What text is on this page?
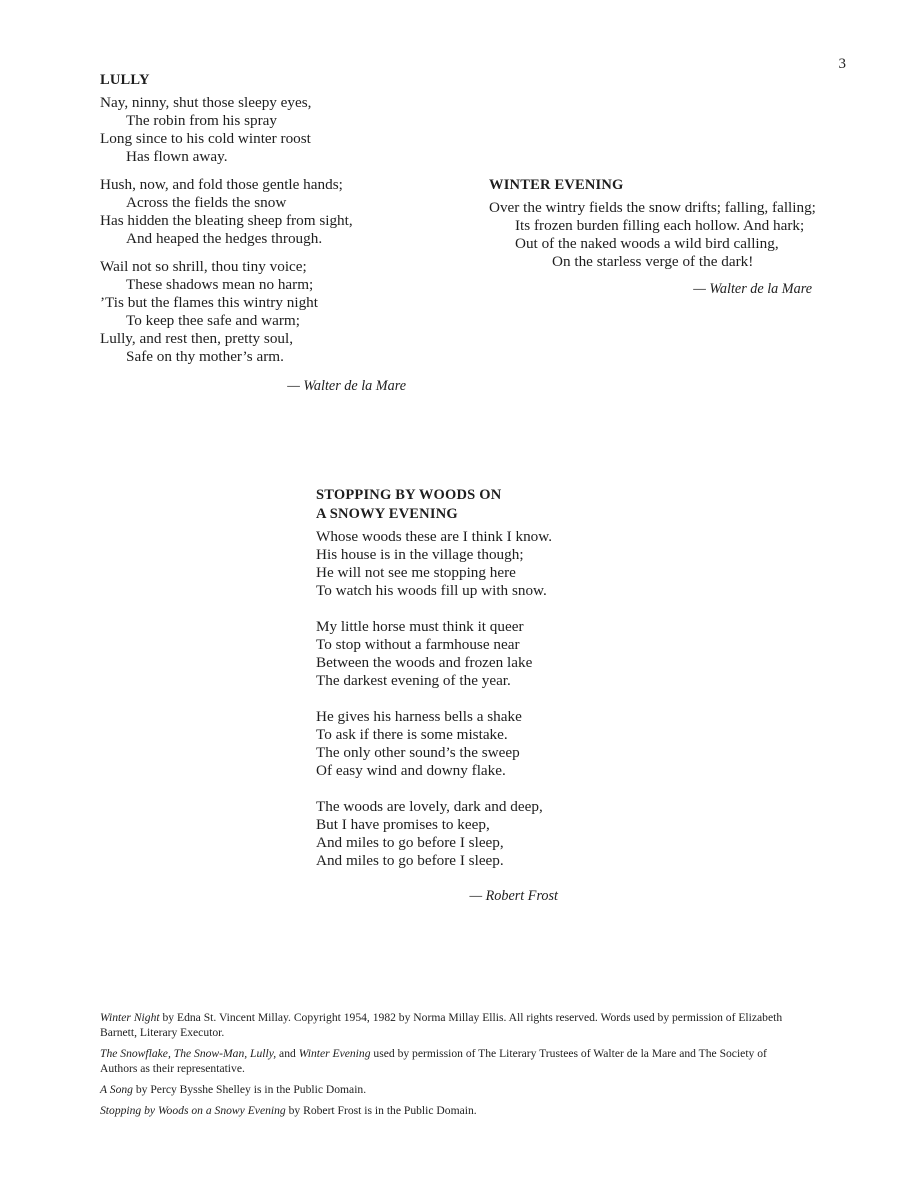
3
LULLY
Nay, ninny, shut those sleepy eyes,
The robin from his spray
Long since to his cold winter roost
Has flown away.
Hush, now, and fold those gentle hands;
Across the fields the snow
Has hidden the bleating sheep from sight,
And heaped the hedges through.
Wail not so shrill, thou tiny voice;
These shadows mean no harm;
’Tis but the flames this wintry night
To keep thee safe and warm;
Lully, and rest then, pretty soul,
Safe on thy mother’s arm.
— Walter de la Mare
WINTER EVENING
Over the wintry fields the snow drifts; falling, falling;
Its frozen burden filling each hollow. And hark;
Out of the naked woods a wild bird calling,
On the starless verge of the dark!
— Walter de la Mare
STOPPING BY WOODS ON
A SNOWY EVENING
Whose woods these are I think I know.
His house is in the village though;
He will not see me stopping here
To watch his woods fill up with snow.
My little horse must think it queer
To stop without a farmhouse near
Between the woods and frozen lake
The darkest evening of the year.
He gives his harness bells a shake
To ask if there is some mistake.
The only other sound’s the sweep
Of easy wind and downy flake.
The woods are lovely, dark and deep,
But I have promises to keep,
And miles to go before I sleep,
And miles to go before I sleep.
— Robert Frost

Winter Night by Edna St. Vincent Millay. Copyright 1954, 1982 by Norma Millay Ellis. All rights reserved. Words used by permission of Elizabeth Barnett, Literary Executor.

The Snowflake, The Snow-Man, Lully, and Winter Evening used by permission of The Literary Trustees of Walter de la Mare and The Society of Authors as their representative.

A Song by Percy Bysshe Shelley is in the Public Domain.

Stopping by Woods on a Snowy Evening by Robert Frost is in the Public Domain.
